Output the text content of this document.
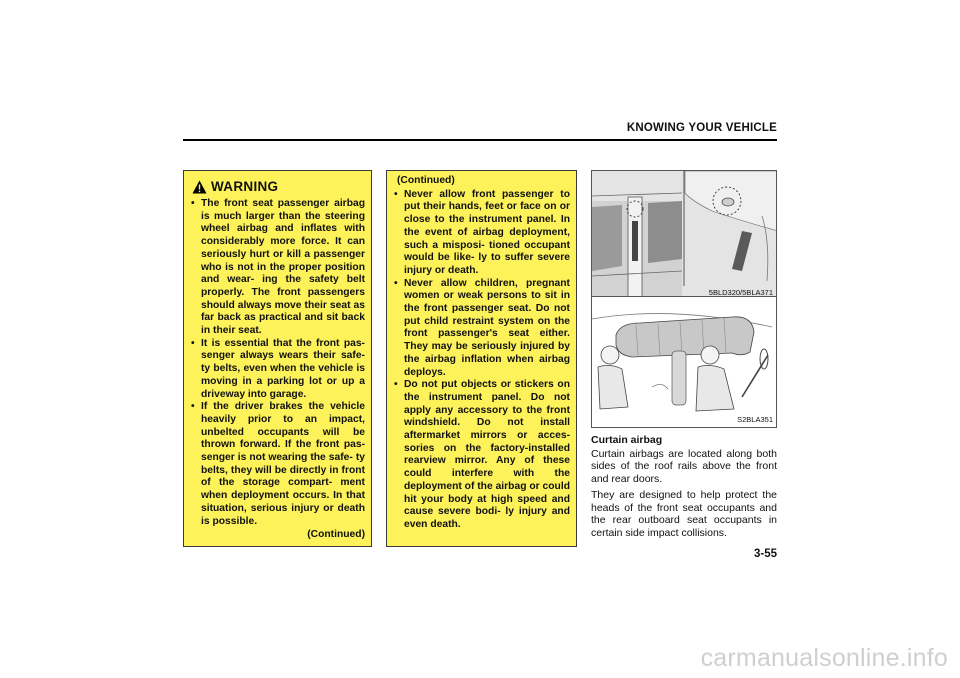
KNOWING YOUR VEHICLE
WARNING
• The front seat passenger airbag is much larger than the steering wheel airbag and inflates with considerably more force. It can seriously hurt or kill a passenger who is not in the proper position and wear- ing the safety belt properly. The front passengers should always move their seat as far back as practical and sit back in their seat.
• It is essential that the front pas- senger always wears their safe- ty belts, even when the vehicle is moving in a parking lot or up a driveway into garage.
• If the driver brakes the vehicle heavily prior to an impact, unbelted occupants will be thrown forward. If the front pas- senger is not wearing the safe- ty belts, they will be directly in front of the storage compart- ment when deployment occurs. In that situation, serious injury or death is possible.
(Continued)
(Continued)
• Never allow front passenger to put their hands, feet or face on or close to the instrument panel. In the event of airbag deployment, such a misposi- tioned occupant would be like- ly to suffer severe injury or death.
• Never allow children, pregnant women or weak persons to sit in the front passenger seat. Do not put child restraint system on the front passenger's seat either. They may be seriously injured by the airbag inflation when airbag deploys.
• Do not put objects or stickers on the instrument panel. Do not apply any accessory to the front windshield. Do not install aftermarket mirrors or acces- sories on the factory-installed rearview mirror. Any of these could interfere with the deployment of the airbag or could hit your body at high speed and cause severe bodi- ly injury and even death.
5BLD320/5BLA371
S2BLA351
Curtain airbag

Curtain airbags are located along both sides of the roof rails above the front and rear doors.

They are designed to help protect the heads of the front seat occupants and the rear outboard seat occupants in certain side impact collisions.

3-55
carmanualsonline.info
